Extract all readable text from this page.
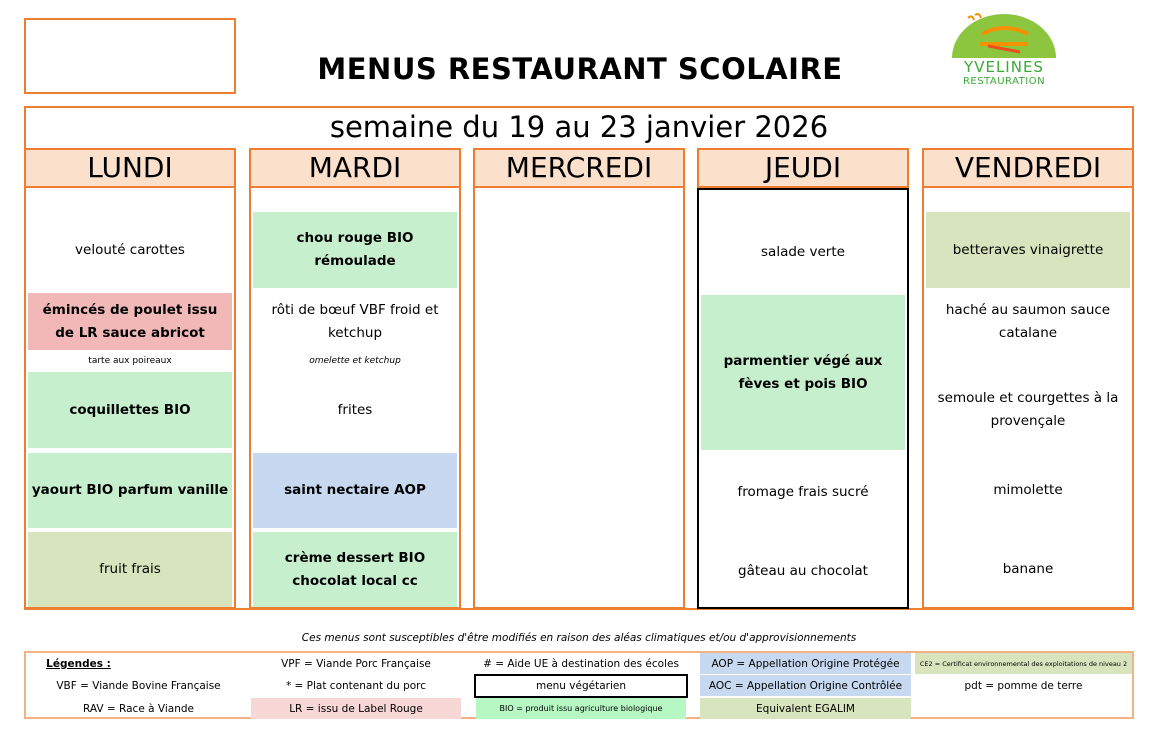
MENUS RESTAURANT SCOLAIRE	YVELINES
RESTAURATION
semaine du 19 au 23 janvier 2026
LUNDI
velouté carottes
émincés de poulet issu de LR sauce abricot
tarte aux poireaux
coquillettes BIO
yaourt BIO parfum vanille
fruit frais
MARDI
chou rouge BIO rémoulade
rôti de bœuf VBF froid et ketchup
omelette et ketchup
frites
saint nectaire AOP
crème dessert BIO chocolat local cc
MERCREDI	JEUDI
salade verte
parmentier végé aux fèves et pois BIO
fromage frais sucré
gâteau au chocolat
VENDREDI
betteraves vinaigrette
haché au saumon sauce catalane
semoule et courgettes à la provençale
mimolette
banane
Ces menus sont susceptibles d'être modifiés en raison des aléas climatiques et/ou d'approvisionnements
Légendes :	VPF = Viande Porc Française	# = Aide UE à destination des écoles	AOP = Appellation Origine Protégée	CE2 = Certificat environnemental des exploitations de niveau 2
VBF = Viande Bovine Française	* = Plat contenant du porc	menu végétarien	AOC = Appellation Origine Contrôlée	pdt = pomme de terre
RAV = Race à Viande	LR = issu de Label Rouge	BIO = produit issu agriculture biologique	Equivalent EGALIM
